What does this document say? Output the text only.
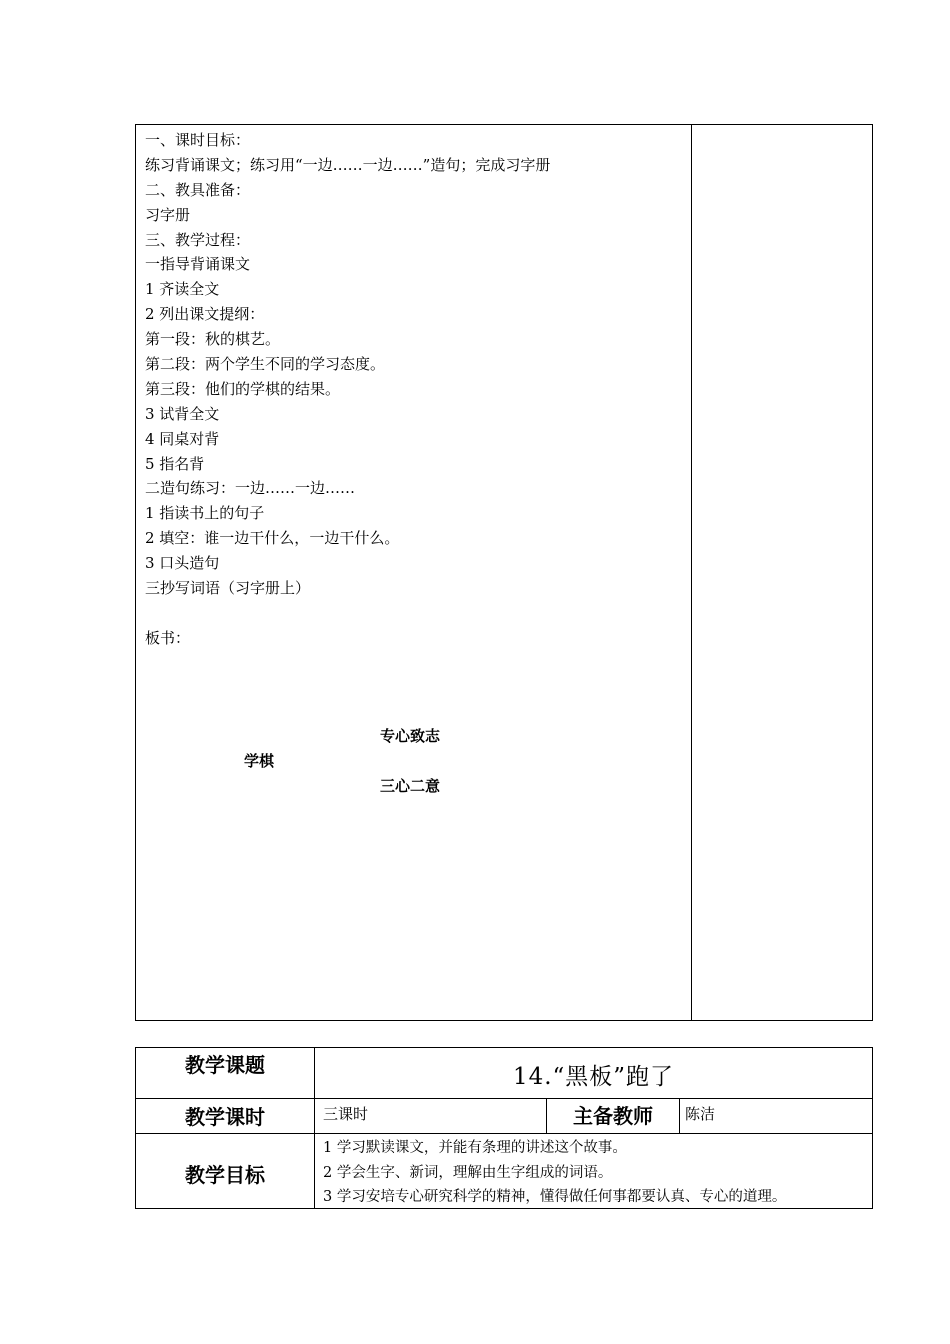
一、课时目标：
练习背诵课文；练习用“一边……一边……”造句；完成习字册
二、教具准备：
习字册
三、教学过程：
一指导背诵课文
1 齐读全文
2 列出课文提纲：
第一段：秋的棋艺。
第二段：两个学生不同的学习态度。
第三段：他们的学棋的结果。
3 试背全文
4 同桌对背
5 指名背
二造句练习：一边……一边……
1 指读书上的句子
2 填空：谁一边干什么，一边干什么。
3 口头造句
三抄写词语（习字册上）
板书：
专心致志
学棋
三心二意
教学课题	14.“黑板”跑了
教学课时	三课时	主备教师	陈洁
教学目标
1 学习默读课文，并能有条理的讲述这个故事。
2 学会生字、新词，理解由生字组成的词语。
3 学习安培专心研究科学的精神，懂得做任何事都要认真、专心的道理。
